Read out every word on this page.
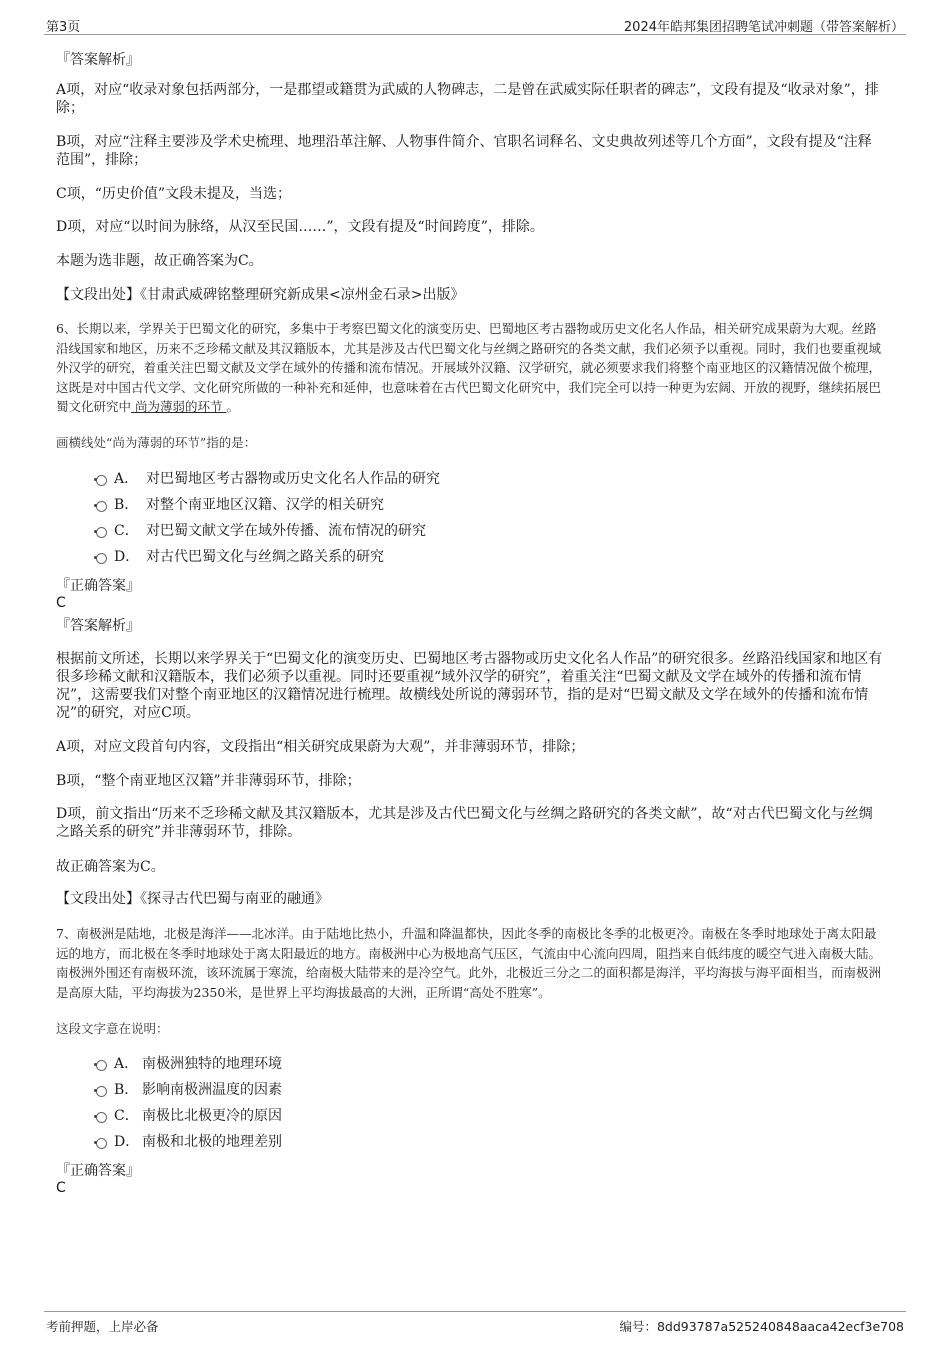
第3页	2024年皓邦集团招聘笔试冲刺题（带答案解析）
『答案解析』
A项，对应“收录对象包括两部分，一是郡望或籍贯为武威的人物碑志，二是曾在武威实际任职者的碑志”，文段有提及“收录对象”，排除；
B项，对应“注释主要涉及学术史梳理、地理沿革注解、人物事件简介、官职名词释名、文史典故列述等几个方面”，文段有提及“注释范围”，排除；
C项，“历史价值”文段未提及，当选；
D项，对应“以时间为脉络，从汉至民国……”，文段有提及“时间跨度”，排除。
本题为选非题，故正确答案为C。
【文段出处】《甘肃武威碑铭整理研究新成果<凉州金石录>出版》
6、长期以来，学界关于巴蜀文化的研究，多集中于考察巴蜀文化的演变历史、巴蜀地区考古器物或历史文化名人作品，相关研究成果蔚为大观。丝路沿线国家和地区，历来不乏珍稀文献及其汉籍版本，尤其是涉及古代巴蜀文化与丝绸之路研究的各类文献，我们必须予以重视。同时，我们也要重视域外汉学的研究，着重关注巴蜀文献及文学在域外的传播和流布情况。开展域外汉籍、汉学研究，就必须要求我们将整个南亚地区的汉籍情况做个梳理，这既是对中国古代文学、文化研究所做的一种补充和延伸，也意味着在古代巴蜀文化研究中，我们完全可以持一种更为宏阔、开放的视野，继续拓展巴蜀文化研究中 尚为薄弱的环节 。
画横线处“尚为薄弱的环节”指的是：
A． 对巴蜀地区考古器物或历史文化名人作品的研究
B． 对整个南亚地区汉籍、汉学的相关研究
C． 对巴蜀文献文学在域外传播、流布情况的研究
D． 对古代巴蜀文化与丝绸之路关系的研究
『正确答案』
C
『答案解析』
根据前文所述，长期以来学界关于“巴蜀文化的演变历史、巴蜀地区考古器物或历史文化名人作品”的研究很多。丝路沿线国家和地区有很多珍稀文献和汉籍版本，我们必须予以重视。同时还要重视“域外汉学的研究”，着重关注“巴蜀文献及文学在域外的传播和流布情况”，这需要我们对整个南亚地区的汉籍情况进行梳理。故横线处所说的薄弱环节，指的是对“巴蜀文献及文学在域外的传播和流布情况”的研究，对应C项。
A项，对应文段首句内容，文段指出“相关研究成果蔚为大观”，并非薄弱环节，排除；
B项，“整个南亚地区汉籍”并非薄弱环节，排除；
D项，前文指出“历来不乏珍稀文献及其汉籍版本，尤其是涉及古代巴蜀文化与丝绸之路研究的各类文献”，故“对古代巴蜀文化与丝绸之路关系的研究”并非薄弱环节，排除。
故正确答案为C。
【文段出处】《探寻古代巴蜀与南亚的融通》
7、南极洲是陆地，北极是海洋——北冰洋。由于陆地比热小，升温和降温都快，因此冬季的南极比冬季的北极更冷。南极在冬季时地球处于离太阳最远的地方，而北极在冬季时地球处于离太阳最近的地方。南极洲中心为极地高气压区，气流由中心流向四周，阻挡来自低纬度的暖空气进入南极大陆。南极洲外围还有南极环流，该环流属于寒流，给南极大陆带来的是冷空气。此外，北极近三分之二的面积都是海洋，平均海拔与海平面相当，而南极洲是高原大陆，平均海拔为2350米，是世界上平均海拔最高的大洲，正所谓“高处不胜寒”。
这段文字意在说明：
A． 南极洲独特的地理环境
B． 影响南极洲温度的因素
C． 南极比北极更冷的原因
D． 南极和北极的地理差别
『正确答案』
C
考前押题，上岸必备	编号：8dd93787a525240848aaca42ecf3e708
